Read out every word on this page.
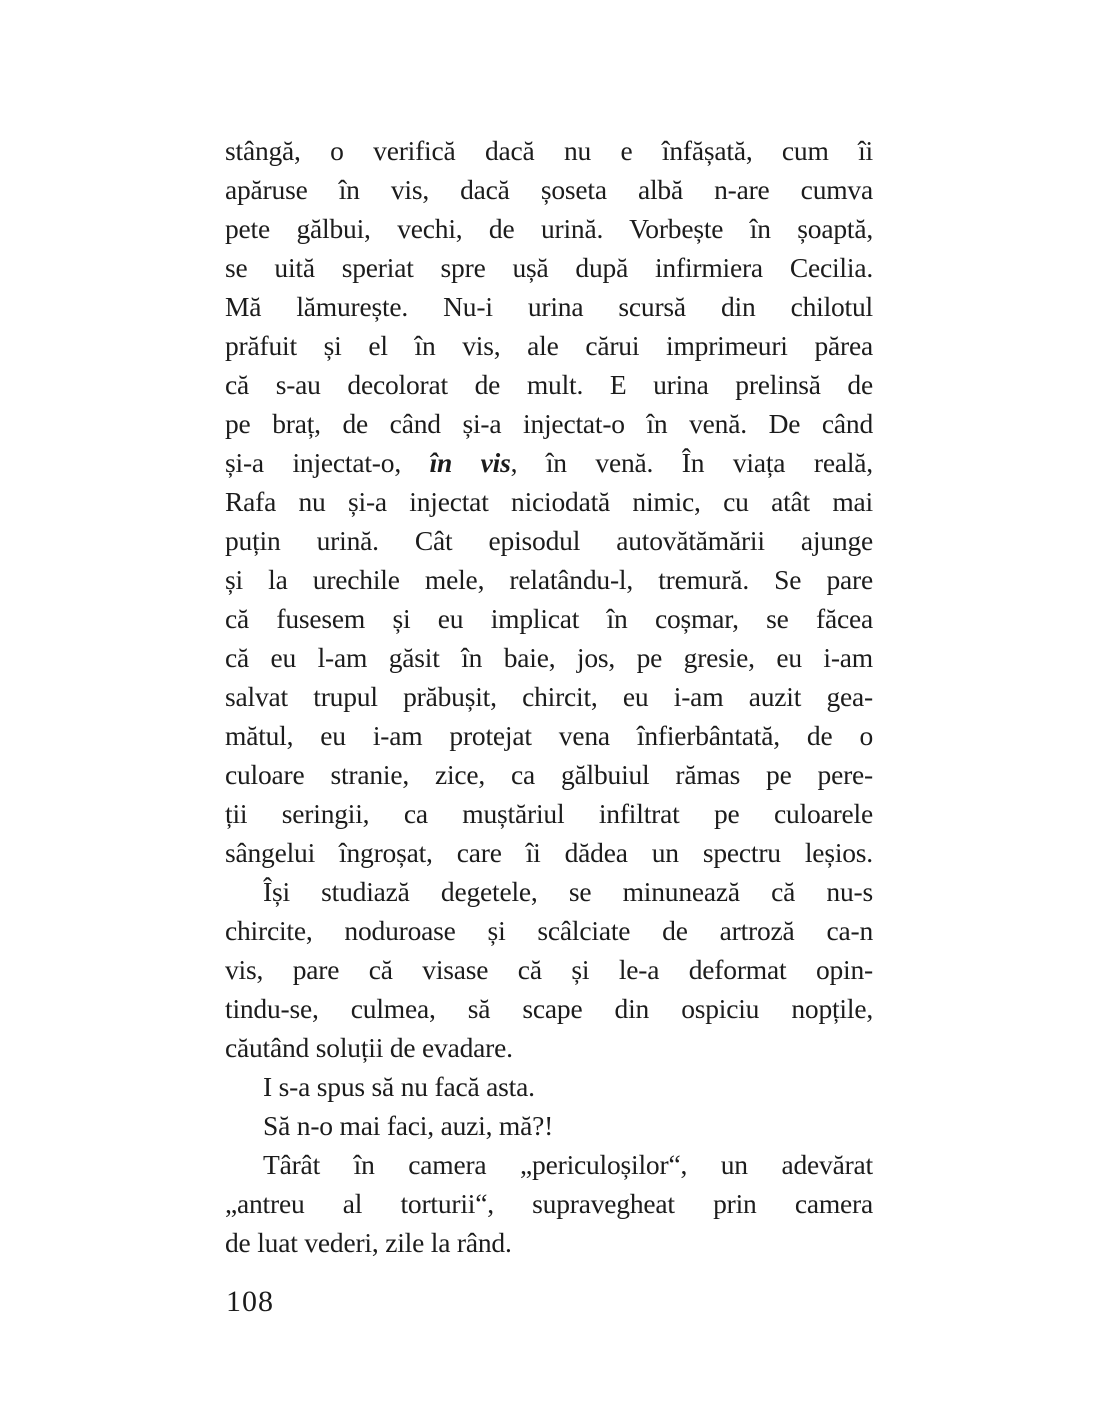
stângă, o verifică dacă nu e înfășată, cum îi
apăruse în vis, dacă șoseta albă n-are cumva
pete gălbui, vechi, de urină. Vorbește în șoaptă,
se uită speriat spre ușă după infirmiera Cecilia.
Mă lămurește. Nu-i urina scursă din chilotul
prăfuit și el în vis, ale cărui imprimeuri părea
că s-au decolorat de mult. E urina prelinsă de
pe braț, de când și-a injectat-o în venă. De când
și-a injectat-o, în vis, în venă. În viața reală,
Rafa nu și-a injectat niciodată nimic, cu atât mai
puțin urină. Cât episodul autovătămării ajunge
și la urechile mele, relatându-l, tremură. Se pare
că fusesem și eu implicat în coșmar, se făcea
că eu l-am găsit în baie, jos, pe gresie, eu i-am
salvat trupul prăbușit, chircit, eu i-am auzit gea-
mătul, eu i-am protejat vena înfierbântată, de o
culoare stranie, zice, ca gălbuiul rămas pe pere-
ții seringii, ca muștăriul infiltrat pe culoarele
sângelui îngroșat, care îi dădea un spectru leșios.
Își studiază degetele, se minunează că nu-s
chircite, noduroase și scâlciate de artroză ca-n
vis, pare că visase că și le-a deformat opin-
tindu-se, culmea, să scape din ospiciu nopțile,
căutând soluții de evadare.
I s-a spus să nu facă asta.
Să n-o mai faci, auzi, mă?!
Târât în camera „periculoșilor“, un adevărat
„antreu al torturii“, supravegheat prin camera
de luat vederi, zile la rând.
108
